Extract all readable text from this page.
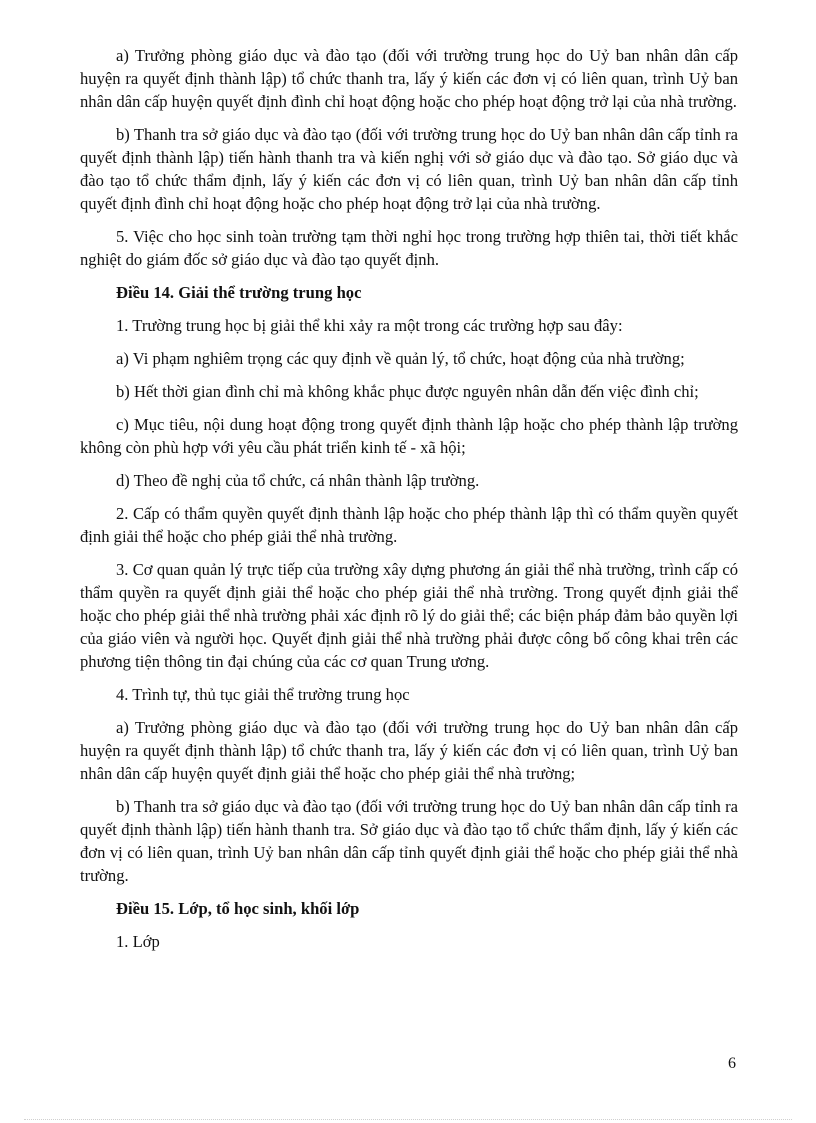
a) Trưởng phòng giáo dục và đào tạo (đối với trường trung học do Uỷ ban nhân dân cấp huyện ra quyết định thành lập) tổ chức thanh tra, lấy ý kiến các đơn vị có liên quan, trình Uỷ ban nhân dân cấp huyện quyết định đình chỉ hoạt động hoặc cho phép hoạt động trở lại của nhà trường.

b) Thanh tra sở giáo dục và đào tạo (đối với trường trung học do Uỷ ban nhân dân cấp tỉnh ra quyết định thành lập) tiến hành thanh tra và kiến nghị với sở giáo dục và đào tạo. Sở giáo dục và đào tạo tổ chức thẩm định, lấy ý kiến các đơn vị có liên quan, trình Uỷ ban nhân dân cấp tỉnh quyết định đình chỉ hoạt động hoặc cho phép hoạt động trở lại của nhà trường.

5. Việc cho học sinh toàn trường tạm thời nghỉ học trong trường hợp thiên tai, thời tiết khắc nghiệt do giám đốc sở giáo dục và đào tạo quyết định.

Điều 14. Giải thể trường trung học

1. Trường trung học bị giải thể khi xảy ra một trong các trường hợp sau đây:

a) Vi phạm nghiêm trọng các quy định về quản lý, tổ chức, hoạt động của nhà trường;

b) Hết thời gian đình chỉ mà không khắc phục được nguyên nhân dẫn đến việc đình chỉ;

c) Mục tiêu, nội dung hoạt động trong quyết định thành lập hoặc cho phép thành lập trường không còn phù hợp với yêu cầu phát triển kinh tế - xã hội;

d) Theo đề nghị của tổ chức, cá nhân thành lập trường.

2. Cấp có thẩm quyền quyết định thành lập hoặc cho phép thành lập thì có thẩm quyền quyết định giải thể hoặc cho phép giải thể nhà trường.

3. Cơ quan quản lý trực tiếp của trường xây dựng phương án giải thể nhà trường, trình cấp có thẩm quyền ra quyết định giải thể hoặc cho phép giải thể nhà trường. Trong quyết định giải thể hoặc cho phép giải thể nhà trường phải xác định rõ lý do giải thể; các biện pháp đảm bảo quyền lợi của giáo viên và người học. Quyết định giải thể nhà trường phải được công bố công khai trên các phương tiện thông tin đại chúng của các cơ quan Trung ương.

4. Trình tự, thủ tục giải thể trường trung học

a) Trưởng phòng giáo dục và đào tạo (đối với trường trung học do Uỷ ban nhân dân cấp huyện ra quyết định thành lập) tổ chức thanh tra, lấy ý kiến các đơn vị có liên quan, trình Uỷ ban nhân dân cấp huyện quyết định giải thể hoặc cho phép giải thể nhà trường;

b) Thanh tra sở giáo dục và đào tạo (đối với trường trung học do Uỷ ban nhân dân cấp tỉnh ra quyết định thành lập) tiến hành thanh tra. Sở giáo dục và đào tạo tổ chức thẩm định, lấy ý kiến các đơn vị có liên quan, trình Uỷ ban nhân dân cấp tỉnh quyết định giải thể hoặc cho phép giải thể nhà trường.

Điều 15. Lớp, tổ học sinh, khối lớp

1. Lớp

6
